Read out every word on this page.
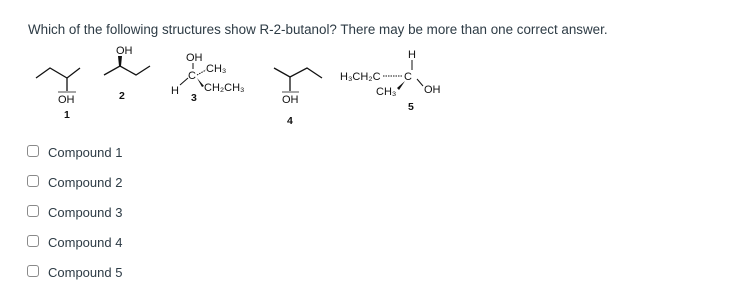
Which of the following structures show R-2-butanol? There may be more than one correct answer.
OH
1
OH
2
OH
C
CH₃
CH₂CH₃
H
3	OH
4
H
H₃CH₂C C
OH
CH₃
5
Compound 1
Compound 2
Compound 3
Compound 4
Compound 5
